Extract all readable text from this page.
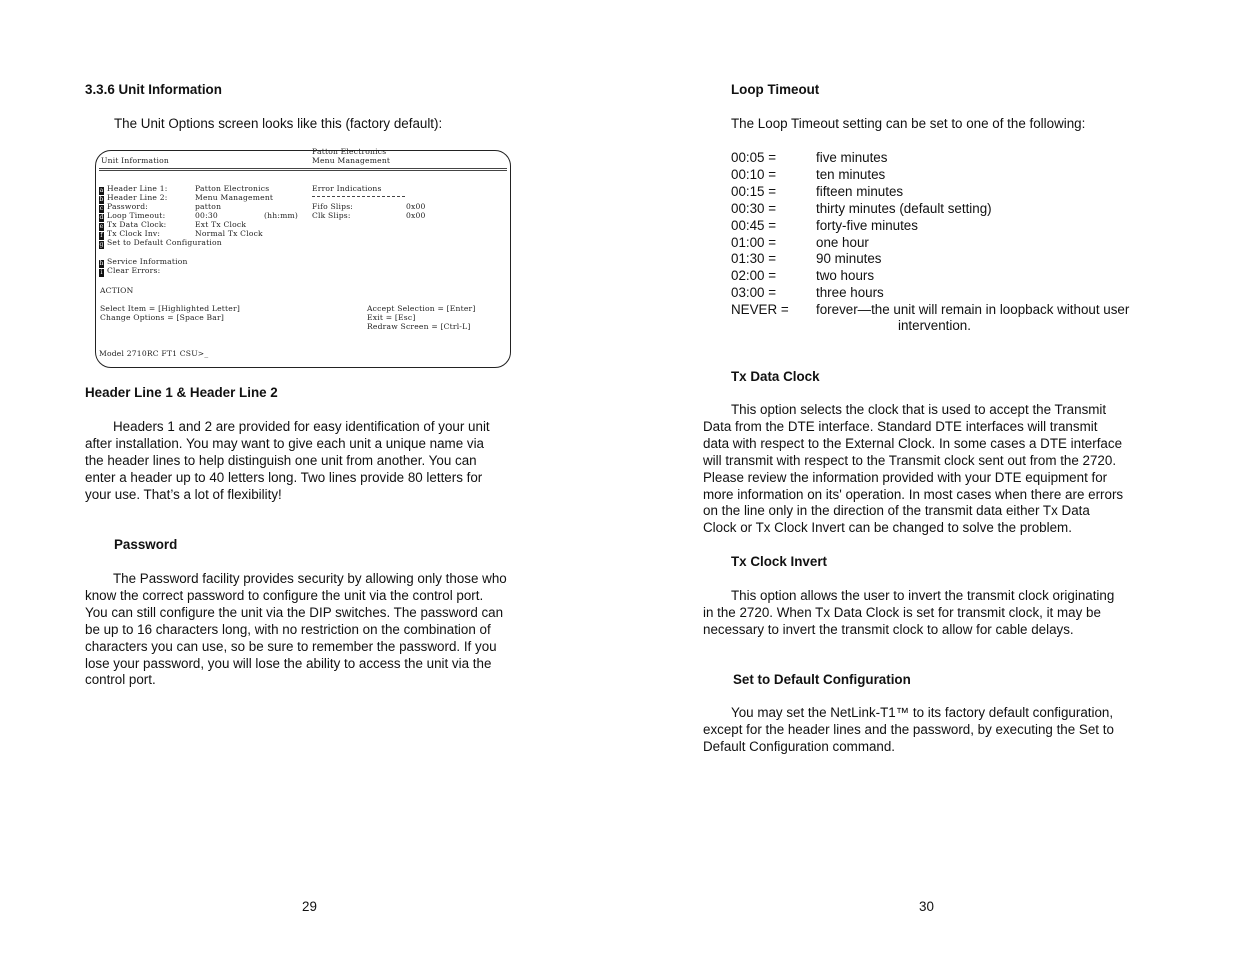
3.3.6 Unit Information
The Unit Options screen looks like this (factory default):
Patton Electronics
Unit Information	Menu Management
a Header Line 1:	Patton Electronics
b Header Line 2:	Menu Management
c Password:	patton
d Loop Timeout:	00:30	(hh:mm)
e Tx Data Clock:	Ext Tx Clock
f Tx Clock Inv:	Normal Tx Clock
g Set to Default Configuration
h Service Information
i Clear Errors:
Error Indications
Fifo Slips:	0x00
Clk Slips:	0x00
ACTION
Select Item = [Highlighted Letter]
Change Options = [Space Bar]
Accept Selection = [Enter]
Exit = [Esc]
Redraw Screen = [Ctrl-L]
Model 2710RC FT1 CSU>_
Header Line 1 & Header Line 2
Headers 1 and 2 are provided for easy identification of your unit
after installation. You may want to give each unit a unique name via
the header lines to help distinguish one unit from another. You can
enter a header up to 40 letters long. Two lines provide 80 letters for
your use. That’s a lot of flexibility!
Password
The Password facility provides security by allowing only those who
know the correct password to configure the unit via the control port.
You can still configure the unit via the DIP switches. The password can
be up to 16 characters long, with no restriction on the combination of
characters you can use, so be sure to remember the password. If you
lose your password, you will lose the ability to access the unit via the
control port.
29
Loop Timeout
The Loop Timeout setting can be set to one of the following:
00:05 =	five minutes
00:10 =	ten minutes
00:15 =	fifteen minutes
00:30 =	thirty minutes (default setting)
00:45 =	forty-five minutes
01:00 =	one hour
01:30 =	90 minutes
02:00 =	two hours
03:00 =	three hours
NEVER = forever—the unit will remain in loopback without user
intervention.
Tx Data Clock
This option selects the clock that is used to accept the Transmit
Data from the DTE interface. Standard DTE interfaces will transmit
data with respect to the External Clock. In some cases a DTE interface
will transmit with respect to the Transmit clock sent out from the 2720.
Please review the information provided with your DTE equipment for
more information on its' operation. In most cases when there are errors
on the line only in the direction of the transmit data either Tx Data
Clock or Tx Clock Invert can be changed to solve the problem.
Tx Clock Invert
This option allows the user to invert the transmit clock originating
in the 2720. When Tx Data Clock is set for transmit clock, it may be
necessary to invert the transmit clock to allow for cable delays.
Set to Default Configuration
You may set the NetLink-T1™ to its factory default configuration,
except for the header lines and the password, by executing the Set to
Default Configuration command.
30
